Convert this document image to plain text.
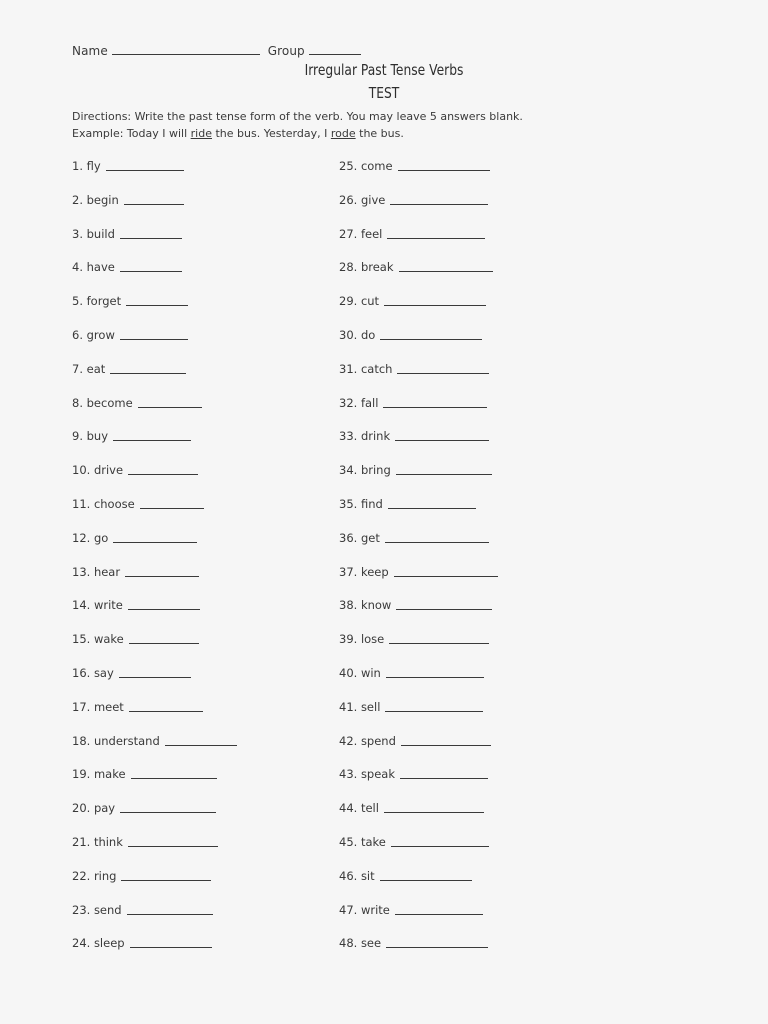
Name	Group
Irregular Past Tense Verbs
TEST
Directions: Write the past tense form of the verb. You may leave 5 answers blank.
Example: Today I will ride the bus. Yesterday, I rode the bus.
1. fly
2. begin
3. build
4. have
5. forget
6. grow
7. eat
8. become
9. buy
10. drive
11. choose
12. go
13. hear
14. write
15. wake
16. say
17. meet
18. understand
19. make
20. pay
21. think
22. ring
23. send
24. sleep
25. come
26. give
27. feel
28. break
29. cut
30. do
31. catch
32. fall
33. drink
34. bring
35. find
36. get
37. keep
38. know
39. lose
40. win
41. sell
42. spend
43. speak
44. tell
45. take
46. sit
47. write
48. see
